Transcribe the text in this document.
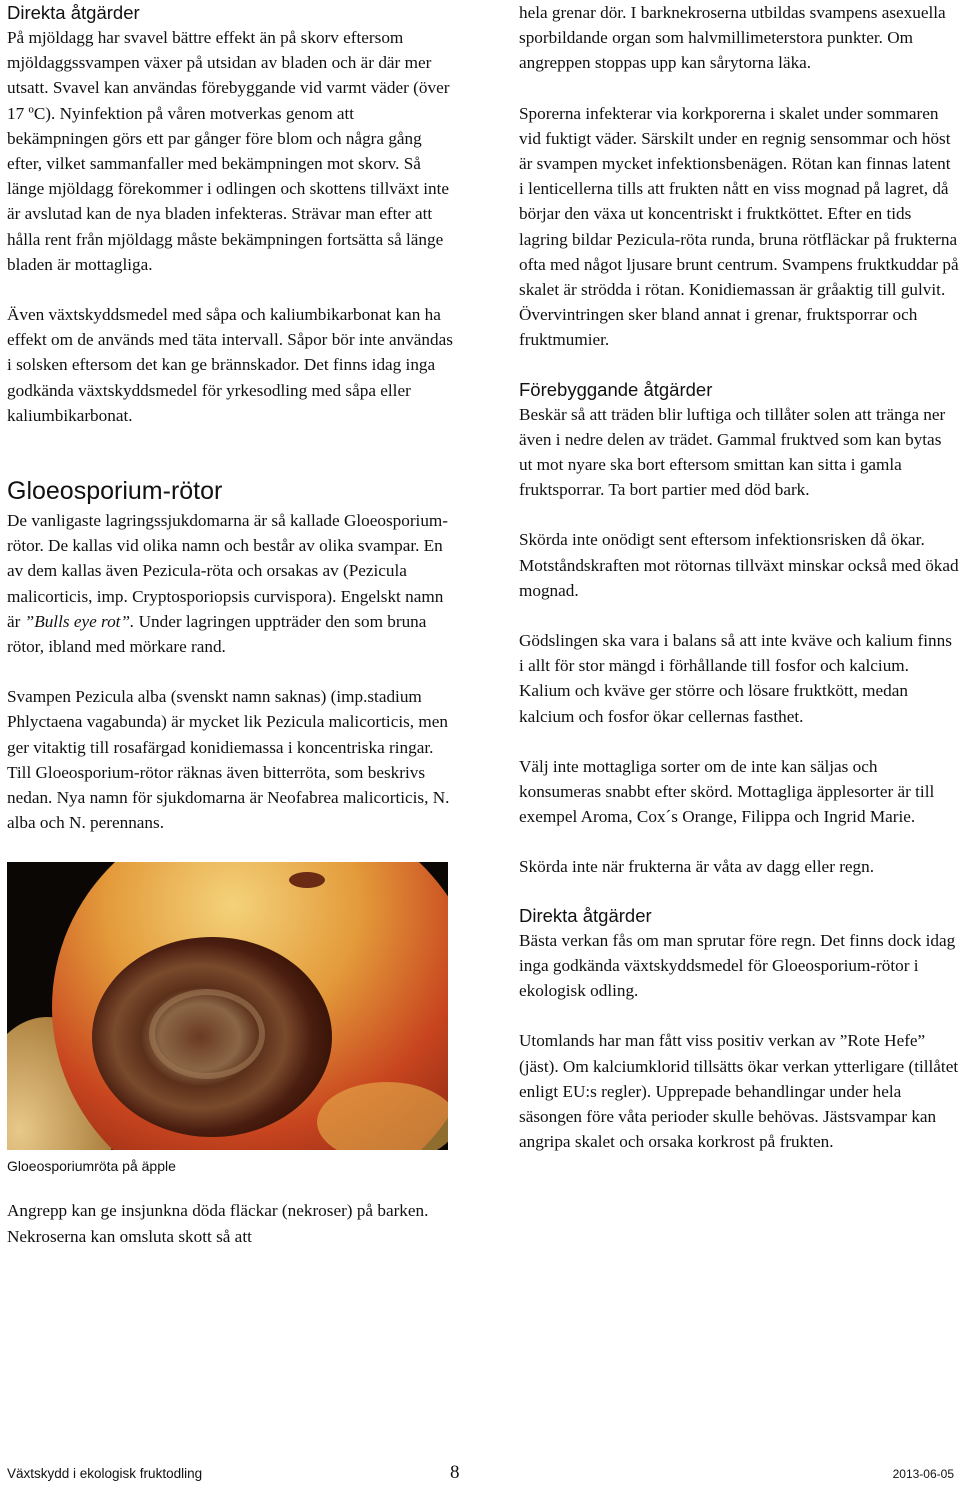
Direkta åtgärder

På mjöldagg har svavel bättre effekt än på skorv eftersom mjöldaggssvampen växer på utsidan av bladen och är där mer utsatt. Svavel kan användas förebyggande vid varmt väder (över 17 ºC). Nyinfektion på våren motverkas genom att bekämpningen görs ett par gånger före blom och några gång efter, vilket sammanfaller med bekämpningen mot skorv. Så länge mjöldagg förekommer i odlingen och skottens tillväxt inte är avslutad kan de nya bladen infekteras. Strävar man efter att hålla rent från mjöldagg måste bekämpningen fortsätta så länge bladen är mottagliga.

Även växtskyddsmedel med såpa och kaliumbikarbonat kan ha effekt om de används med täta intervall. Såpor bör inte användas i solsken eftersom det kan ge brännskador. Det finns idag inga godkända växtskyddsmedel för yrkesodling med såpa eller kaliumbikarbonat.

Gloeosporium-rötor

De vanligaste lagringssjukdomarna är så kallade Gloeosporium-rötor. De kallas vid olika namn och består av olika svampar. En av dem kallas även Pezicula-röta och orsakas av (Pezicula malicorticis, imp. Cryptosporiopsis curvispora). Engelskt namn är ”Bulls eye rot”. Under lagringen uppträder den som bruna rötor, ibland med mörkare rand.

Svampen Pezicula alba (svenskt namn saknas) (imp.stadium Phlyctaena vagabunda) är mycket lik Pezicula malicorticis, men ger vitaktig till rosafärgad konidiemassa i koncentriska ringar. Till Gloeosporium-rötor räknas även bitterröta, som beskrivs nedan. Nya namn för sjukdomarna är Neofabrea malicorticis, N. alba och N. perennans.

Gloeosporiumröta på äpple

Angrepp kan ge insjunkna döda fläckar (nekroser) på barken. Nekroserna kan omsluta skott så att

hela grenar dör. I barknekroserna utbildas svampens asexuella sporbildande organ som halvmillimeterstora punkter. Om angreppen stoppas upp kan sårytorna läka.

Sporerna infekterar via korkporerna i skalet under sommaren vid fuktigt väder. Särskilt under en regnig sensommar och höst är svampen mycket infektionsbenägen. Rötan kan finnas latent i lenticellerna tills att frukten nått en viss mognad på lagret, då börjar den växa ut koncentriskt i fruktköttet. Efter en tids lagring bildar Pezicula-röta runda, bruna rötfläckar på frukterna ofta med något ljusare brunt centrum. Svampens fruktkuddar på skalet är strödda i rötan. Konidiemassan är gråaktig till gulvit. Övervintringen sker bland annat i grenar, fruktsporrar och fruktmumier.

Förebyggande åtgärder

Beskär så att träden blir luftiga och tillåter solen att tränga ner även i nedre delen av trädet. Gammal fruktved som kan bytas ut mot nyare ska bort eftersom smittan kan sitta i gamla fruktsporrar. Ta bort partier med död bark.

Skörda inte onödigt sent eftersom infektionsrisken då ökar. Motståndskraften mot rötornas tillväxt minskar också med ökad mognad.

Gödslingen ska vara i balans så att inte kväve och kalium finns i allt för stor mängd i förhållande till fosfor och kalcium. Kalium och kväve ger större och lösare fruktkött, medan kalcium och fosfor ökar cellernas fasthet.

Välj inte mottagliga sorter om de inte kan säljas och konsumeras snabbt efter skörd. Mottagliga äpplesorter är till exempel Aroma, Cox´s Orange, Filippa och Ingrid Marie.

Skörda inte när frukterna är våta av dagg eller regn.

Direkta åtgärder

Bästa verkan fås om man sprutar före regn. Det finns dock idag inga godkända växtskyddsmedel för Gloeosporium-rötor i ekologisk odling.

Utomlands har man fått viss positiv verkan av ”Rote Hefe” (jäst). Om kalciumklorid tillsätts ökar verkan ytterligare (tillåtet enligt EU:s regler). Upprepade behandlingar under hela säsongen före våta perioder skulle behövas. Jästsvampar kan angripa skalet och orsaka korkrost på frukten.

Växtskydd i ekologisk fruktodling	8	2013-06-05
